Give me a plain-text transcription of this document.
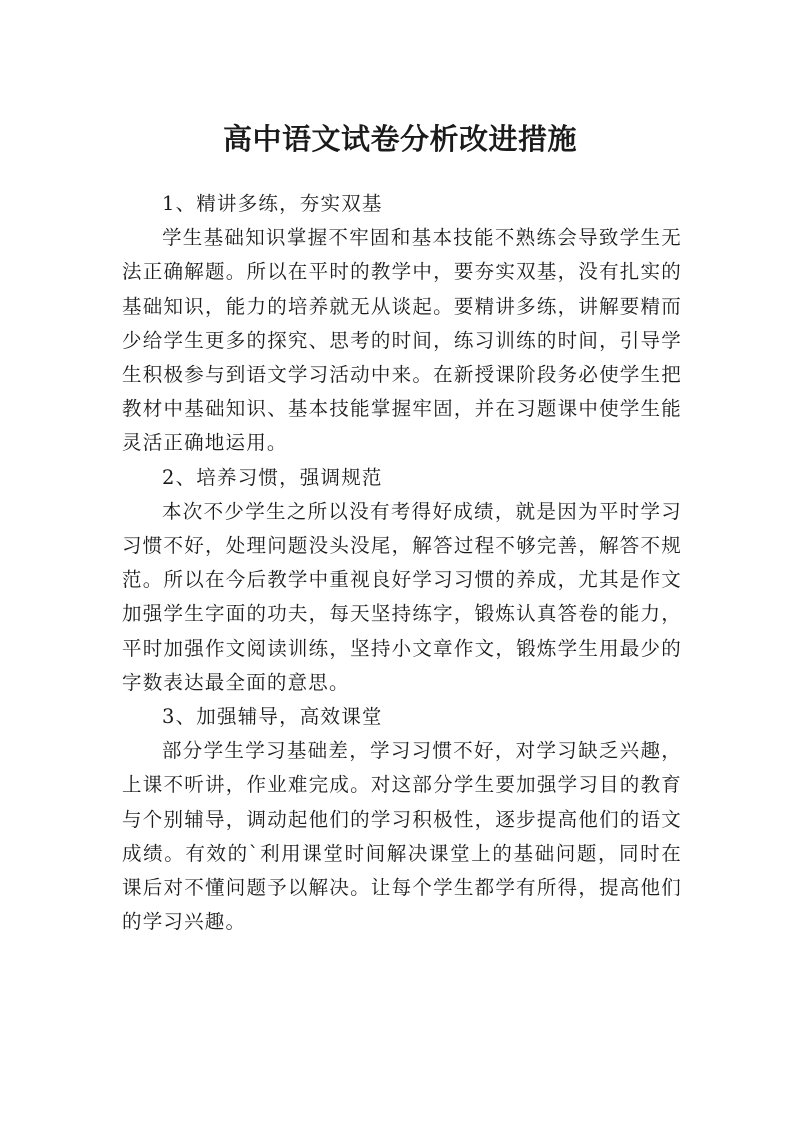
高中语文试卷分析改进措施

1、精讲多练，夯实双基

学生基础知识掌握不牢固和基本技能不熟练会导致学生无法正确解题。所以在平时的教学中，要夯实双基，没有扎实的基础知识，能力的培养就无从谈起。要精讲多练，讲解要精而少给学生更多的探究、思考的时间，练习训练的时间，引导学生积极参与到语文学习活动中来。在新授课阶段务必使学生把教材中基础知识、基本技能掌握牢固，并在习题课中使学生能灵活正确地运用。

2、培养习惯，强调规范

本次不少学生之所以没有考得好成绩，就是因为平时学习习惯不好，处理问题没头没尾，解答过程不够完善，解答不规范。所以在今后教学中重视良好学习习惯的养成，尤其是作文加强学生字面的功夫，每天坚持练字，锻炼认真答卷的能力，平时加强作文阅读训练，坚持小文章作文，锻炼学生用最少的字数表达最全面的意思。

3、加强辅导，高效课堂

部分学生学习基础差，学习习惯不好，对学习缺乏兴趣，上课不听讲，作业难完成。对这部分学生要加强学习目的教育与个别辅导，调动起他们的学习积极性，逐步提高他们的语文成绩。有效的`利用课堂时间解决课堂上的基础问题，同时在课后对不懂问题予以解决。让每个学生都学有所得，提高他们的学习兴趣。
